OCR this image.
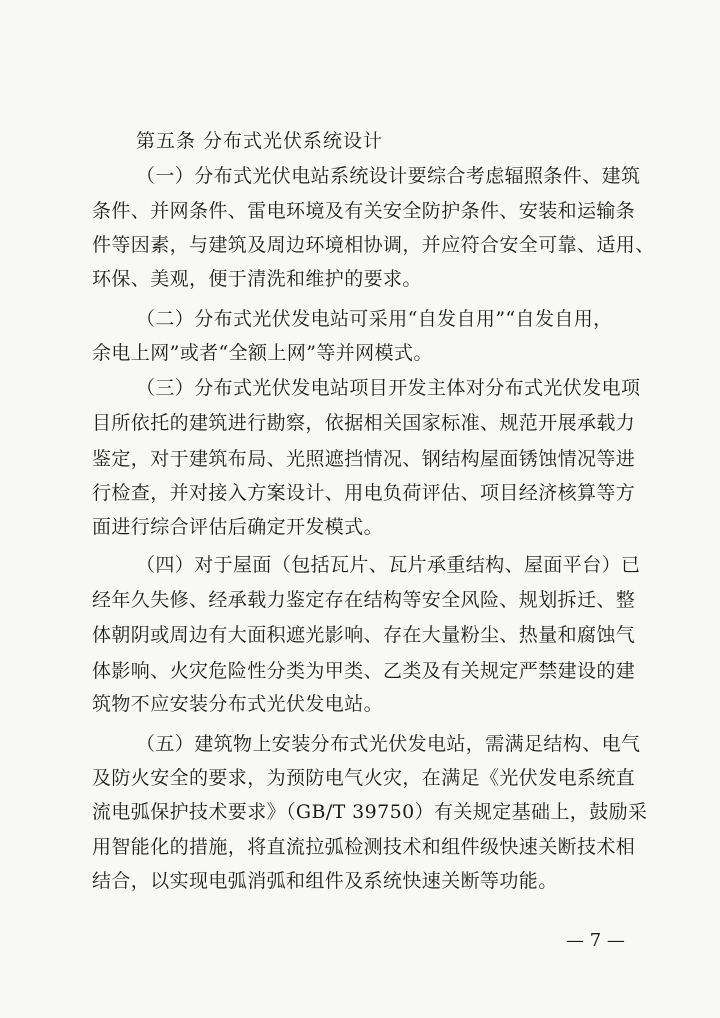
第五条 分布式光伏系统设计
（一）分布式光伏电站系统设计要综合考虑辐照条件、建筑
条件、并网条件、雷电环境及有关安全防护条件、安装和运输条
件等因素，与建筑及周边环境相协调，并应符合安全可靠、适用、
环保、美观，便于清洗和维护的要求。
（二）分布式光伏发电站可采用“自发自用”“自发自用，
余电上网”或者“全额上网”等并网模式。
（三）分布式光伏发电站项目开发主体对分布式光伏发电项
目所依托的建筑进行勘察，依据相关国家标准、规范开展承载力
鉴定，对于建筑布局、光照遮挡情况、钢结构屋面锈蚀情况等进
行检查，并对接入方案设计、用电负荷评估、项目经济核算等方
面进行综合评估后确定开发模式。
（四）对于屋面（包括瓦片、瓦片承重结构、屋面平台）已
经年久失修、经承载力鉴定存在结构等安全风险、规划拆迁、整
体朝阴或周边有大面积遮光影响、存在大量粉尘、热量和腐蚀气
体影响、火灾危险性分类为甲类、乙类及有关规定严禁建设的建
筑物不应安装分布式光伏发电站。
（五）建筑物上安装分布式光伏发电站，需满足结构、电气
及防火安全的要求，为预防电气火灾，在满足《光伏发电系统直
流电弧保护技术要求》（GB/T 39750）有关规定基础上，鼓励采
用智能化的措施，将直流拉弧检测技术和组件级快速关断技术相
结合，以实现电弧消弧和组件及系统快速关断等功能。
— 7 —
